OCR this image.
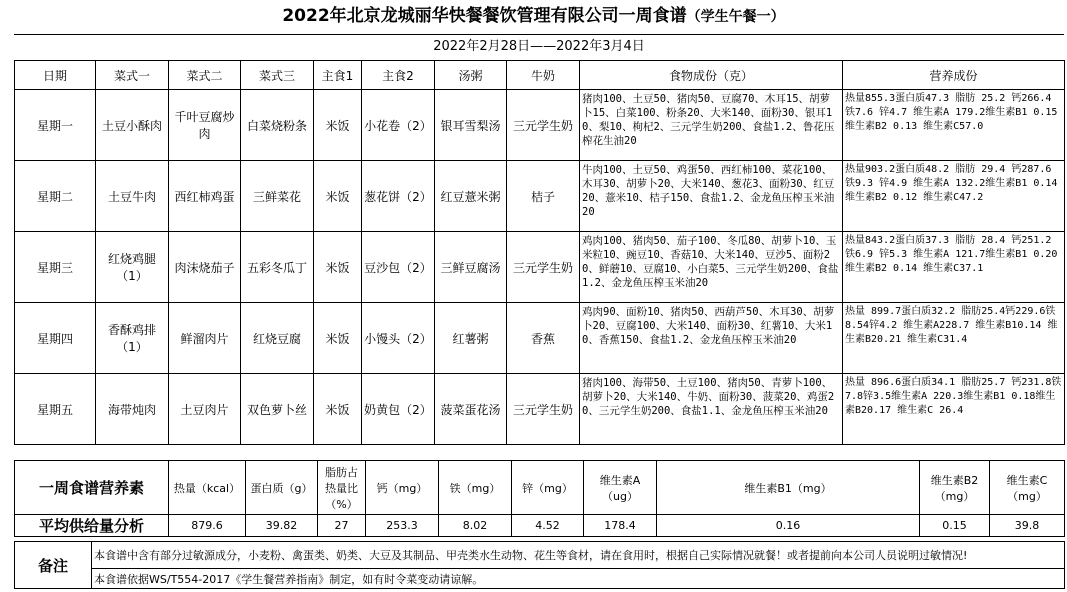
2022年北京龙城丽华快餐餐饮管理有限公司一周食谱（学生午餐一）
2022年2月28日——2022年3月4日
日期	菜式一	菜式二	菜式三	主食1	主食2	汤粥	牛奶	食物成份（克）	营养成份
星期一	土豆小酥肉	千叶豆腐炒肉	白菜烧粉条	米饭	小花卷（2）	银耳雪梨汤	三元学生奶	猪肉100、土豆50、猪肉50、豆腐70、木耳15、胡萝卜15、白菜100、粉条20、大米140、面粉30、银耳10、梨10、枸杞2、三元学生奶200、食盐1.2、鲁花压榨花生油20	热量855.3蛋白质47.3 脂肪 25.2 钙266.4 铁7.6 锌4.7 维生素A 179.2维生素B1 0.15 维生素B2 0.13 维生素C57.0
星期二	土豆牛肉	西红柿鸡蛋	三鲜菜花	米饭	葱花饼（2）	红豆薏米粥	桔子	牛肉100、土豆50、鸡蛋50、西红柿100、菜花100、木耳30、胡萝卜20、大米140、葱花3、面粉30、红豆20、薏米10、桔子150、食盐1.2、金龙鱼压榨玉米油20	热量903.2蛋白质48.2 脂肪 29.4 钙287.6 铁9.3 锌4.9 维生素A 132.2维生素B1 0.14 维生素B2 0.12 维生素C47.2
星期三	红烧鸡腿（1）	肉沫烧茄子	五彩冬瓜丁	米饭	豆沙包（2）	三鲜豆腐汤	三元学生奶	鸡肉100、猪肉50、茄子100、冬瓜80、胡萝卜10、玉米粒10、豌豆10、香菇10、大米140、豆沙5、面粉20、鲜蘑10、豆腐10、小白菜5、三元学生奶200、食盐1.2、金龙鱼压榨玉米油20	热量843.2蛋白质37.3 脂肪 28.4 钙251.2 铁6.9 锌5.3 维生素A 121.7维生素B1 0.20 维生素B2 0.14 维生素C37.1
星期四	香酥鸡排（1）	鲜溜肉片	红烧豆腐	米饭	小馒头（2）	红薯粥	香蕉	鸡肉90、面粉10、猪肉50、西葫芦50、木耳30、胡萝卜20、豆腐100、大米140、面粉30、红薯10、大米10、香蕉150、食盐1.2、金龙鱼压榨玉米油20	热量 899.7蛋白质32.2 脂肪25.4钙229.6铁8.54锌4.2 维生素A228.7 维生素B10.14 维生素B20.21 维生素C31.4
星期五	海带炖肉	土豆肉片	双色萝卜丝	米饭	奶黄包（2）	菠菜蛋花汤	三元学生奶	猪肉100、海带50、土豆100、猪肉50、青萝卜100、胡萝卜20、大米140、牛奶、面粉30、菠菜20、鸡蛋20、三元学生奶200、食盐1.1、金龙鱼压榨玉米油20	热量 896.6蛋白质34.1 脂肪25.7 钙231.8铁7.8锌3.5维生素A 220.3维生素B1 0.18维生素B20.17 维生素C 26.4
一周食谱营养素	热量（kcal）	蛋白质（g）	脂肪占热量比（%）	钙（mg）	铁（mg）	锌（mg）	维生素A（ug）	维生素B1（mg）	维生素B2（mg）	维生素C（mg）
平均供给量分析	879.6	39.82	27	253.3	8.02	4.52	178.4	0.16	0.15	39.8
备注	本食谱中含有部分过敏源成分，小麦粉、禽蛋类、奶类、大豆及其制品、甲壳类水生动物、花生等食材，请在食用时，根据自己实际情况就餐！或者提前向本公司人员说明过敏情况!
本食谱依据WS/T554-2017《学生餐营养指南》制定，如有时令菜变动请谅解。
